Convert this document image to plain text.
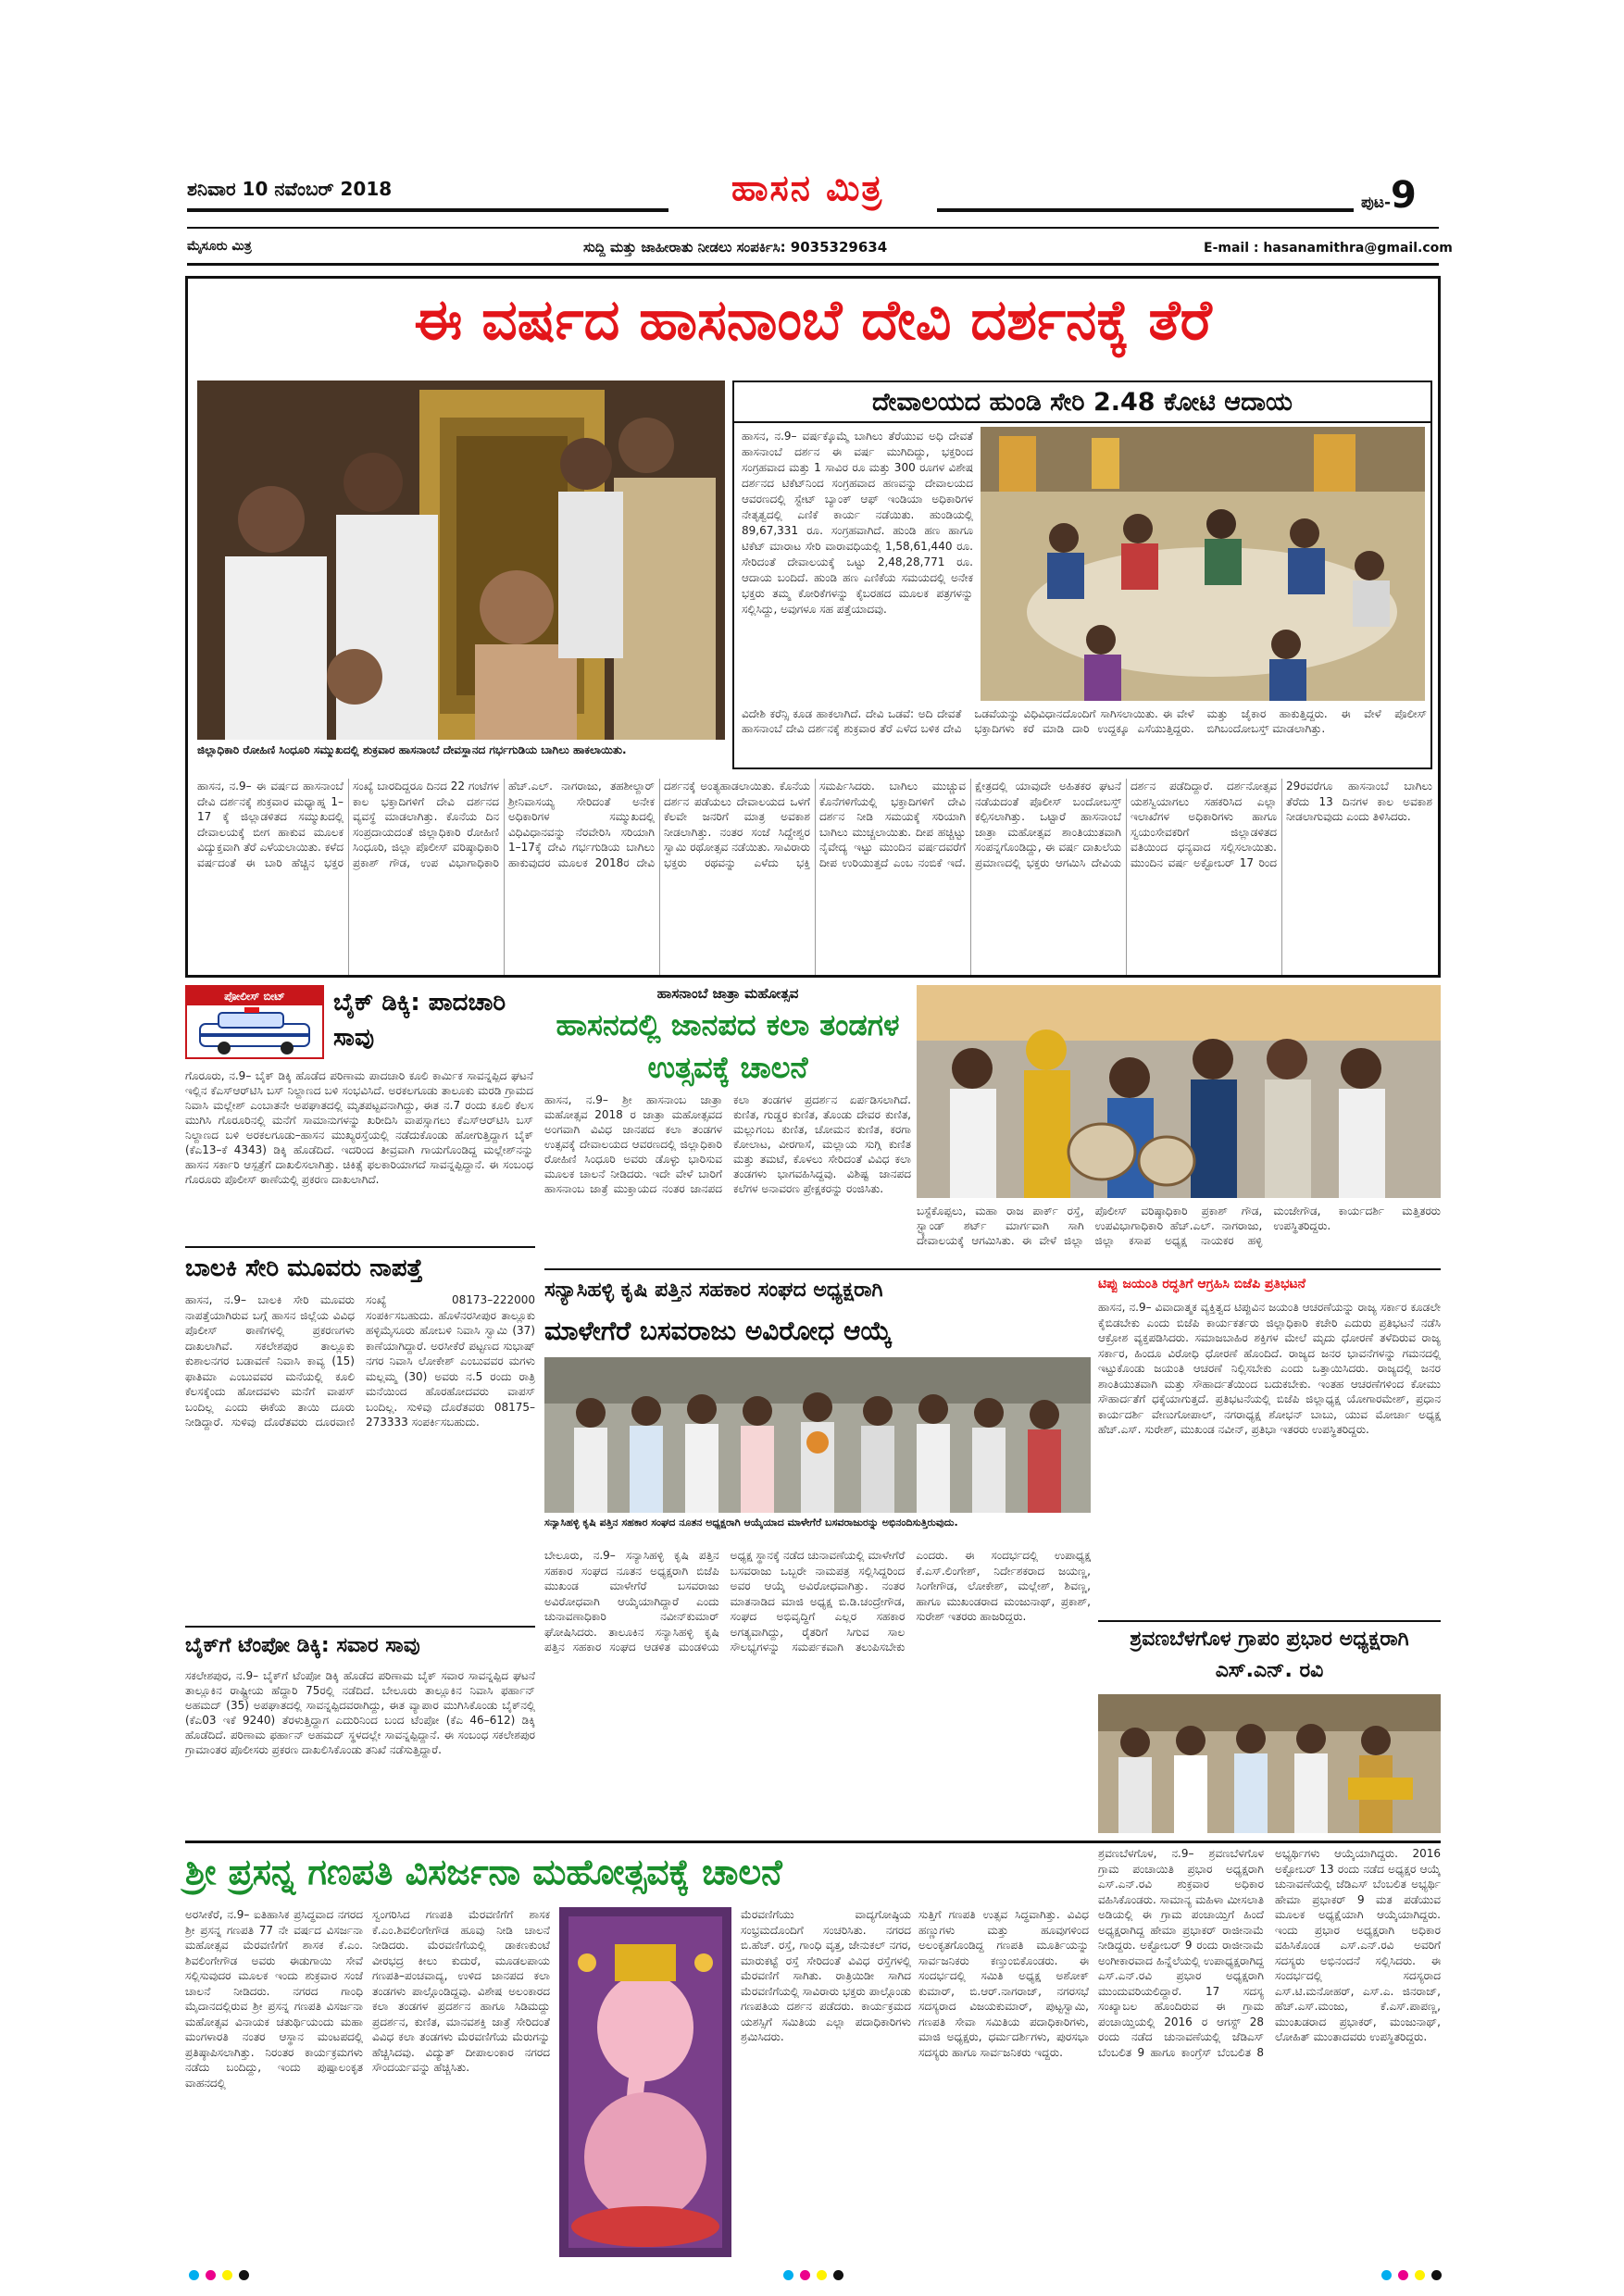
ಶನಿವಾರ 10 ನವೆಂಬರ್ 2018	ಹಾಸನ ಮಿತ್ರ	ಪುಟ-9
ಮೈಸೂರು ಮಿತ್ರ	ಸುದ್ದಿ ಮತ್ತು ಜಾಹೀರಾತು ನೀಡಲು ಸಂಪರ್ಕಿಸಿ: 9035329634	E-mail : hasanamithra@gmail.com
ಈ ವರ್ಷದ ಹಾಸನಾಂಬೆ ದೇವಿ ದರ್ಶನಕ್ಕೆ ತೆರೆ
ಜಿಲ್ಲಾಧಿಕಾರಿ ರೋಹಿಣಿ ಸಿಂಧೂರಿ ಸಮ್ಮುಖದಲ್ಲಿ ಶುಕ್ರವಾರ ಹಾಸನಾಂಬೆ ದೇವಸ್ಥಾನದ ಗರ್ಭಗುಡಿಯ ಬಾಗಿಲು ಹಾಕಲಾಯಿತು.
ದೇವಾಲಯದ ಹುಂಡಿ ಸೇರಿ 2.48 ಕೋಟಿ ಆದಾಯ
ಹಾಸನ, ನ.9– ವರ್ಷಕ್ಕೊಮ್ಮೆ ಬಾಗಿಲು ತೆರೆಯುವ ಅಧಿ ದೇವತೆ ಹಾಸನಾಂಬೆ ದರ್ಶನ ಈ ವರ್ಷ ಮುಗಿದಿದ್ದು, ಭಕ್ತರಿಂದ ಸಂಗ್ರಹವಾದ ಮತ್ತು 1 ಸಾವಿರ ರೂ ಮತ್ತು 300 ರೂಗಳ ವಿಶೇಷ ದರ್ಶನದ ಟಿಕೆಟ್‌ನಿಂದ ಸಂಗ್ರಹವಾದ ಹಣವನ್ನು ದೇವಾಲಯದ ಆವರಣದಲ್ಲಿ ಸ್ಟೇಟ್ ಬ್ಯಾಂಕ್ ಆಫ್ ಇಂಡಿಯಾ ಅಧಿಕಾರಿಗಳ ನೇತೃತ್ವದಲ್ಲಿ ಎಣಿಕೆ ಕಾರ್ಯ ನಡೆಯಿತು. ಹುಂಡಿಯಲ್ಲಿ 89,67,331 ರೂ. ಸಂಗ್ರಹವಾಗಿದೆ. ಹುಂಡಿ ಹಣ ಹಾಗೂ ಟಿಕೆಟ್ ಮಾರಾಟ ಸೇರಿ ವಾರಾವಧಿಯಲ್ಲಿ 1,58,61,440 ರೂ. ಸೇರಿದಂತೆ ದೇವಾಲಯಕ್ಕೆ ಒಟ್ಟು 2,48,28,771 ರೂ. ಆದಾಯ ಬಂದಿದೆ. ಹುಂಡಿ ಹಣ ಎಣಿಕೆಯ ಸಮಯದಲ್ಲಿ ಅನೇಕ ಭಕ್ತರು ತಮ್ಮ ಕೋರಿಕೆಗಳನ್ನು ಕೈಬರಹದ ಮೂಲಕ ಪತ್ರಗಳನ್ನು ಸಲ್ಲಿಸಿದ್ದು, ಅವುಗಳೂ ಸಹ ಪತ್ತೆಯಾದವು.
ವಿದೇಶಿ ಕರೆನ್ಸಿ ಕೂಡ ಹಾಕಲಾಗಿದೆ. ದೇವಿ ಒಡವೆ: ಅದಿ ದೇವತೆ ಹಾಸನಾಂಬೆ ದೇವಿ ದರ್ಶನಕ್ಕೆ ಶುಕ್ರವಾರ ತೆರೆ ಎಳೆದ ಬಳಿಕ ದೇವಿ ಒಡವೆಯನ್ನು ವಿಧಿವಿಧಾನದೊಂದಿಗೆ ಸಾಗಿಸಲಾಯಿತು. ಈ ವೇಳೆ ಭಕ್ತಾದಿಗಳು ಕರೆ ಮಾಡಿ ದಾರಿ ಉದ್ದಕ್ಕೂ ಎಸೆಯುತ್ತಿದ್ದರು. ಮತ್ತು ಜೈಕಾರ ಹಾಕುತ್ತಿದ್ದರು. ಈ ವೇಳೆ ಪೊಲೀಸ್ ಬಿಗಿಬಂದೋಬಸ್ತ್ ಮಾಡಲಾಗಿತ್ತು.
ಹಾಸನ, ನ.9– ಈ ವರ್ಷದ ಹಾಸನಾಂಬೆ ದೇವಿ ದರ್ಶನಕ್ಕೆ ಶುಕ್ರವಾರ ಮಧ್ಯಾಹ್ನ 1–17 ಕ್ಕೆ ಜಿಲ್ಲಾಡಳಿತದ ಸಮ್ಮುಖದಲ್ಲಿ ದೇವಾಲಯಕ್ಕೆ ಬೀಗ ಹಾಕುವ ಮೂಲಕ ವಿದ್ಯುಕ್ತವಾಗಿ ತೆರೆ ಎಳೆಯಲಾಯಿತು. ಕಳೆದ ವರ್ಷದಂತೆ ಈ ಬಾರಿ ಹೆಚ್ಚಿನ ಭಕ್ತರ ಸಂಖ್ಯೆ ಬಾರದಿದ್ದರೂ ದಿನದ 22 ಗಂಟೆಗಳ ಕಾಲ ಭಕ್ತಾದಿಗಳಿಗೆ ದೇವಿ ದರ್ಶನದ ವ್ಯವಸ್ಥೆ ಮಾಡಲಾಗಿತ್ತು. ಕೊನೆಯ ದಿನ ಸಂಪ್ರದಾಯದಂತೆ ಜಿಲ್ಲಾಧಿಕಾರಿ ರೋಹಿಣಿ ಸಿಂಧೂರಿ, ಜಿಲ್ಲಾ ಪೊಲೀಸ್ ವರಿಷ್ಠಾಧಿಕಾರಿ ಪ್ರಕಾಶ್ ಗೌಡ, ಉಪ ವಿಭಾಗಾಧಿಕಾರಿ ಹೆಚ್.ಎಲ್. ನಾಗರಾಜು, ತಹಶೀಲ್ದಾರ್ ಶ್ರೀನಿವಾಸಯ್ಯ ಸೇರಿದಂತೆ ಅನೇಕ ಅಧಿಕಾರಿಗಳ ಸಮ್ಮುಖದಲ್ಲಿ ವಿಧಿವಿಧಾನವನ್ನು ನೆರವೇರಿಸಿ ಸರಿಯಾಗಿ 1–17ಕ್ಕೆ ದೇವಿ ಗರ್ಭಗುಡಿಯ ಬಾಗಿಲು ಹಾಕುವುದರ ಮೂಲಕ 2018ರ ದೇವಿ ದರ್ಶನಕ್ಕೆ ಅಂತ್ಯಹಾಡಲಾಯಿತು. ಕೊನೆಯ ದರ್ಶನ ಪಡೆಯಲು ದೇವಾಲಯದ ಒಳಗೆ ಕೆಲವೇ ಜನರಿಗೆ ಮಾತ್ರ ಅವಕಾಶ ನೀಡಲಾಗಿತ್ತು. ನಂತರ ಸಂಜೆ ಸಿದ್ದೇಶ್ವರ ಸ್ವಾಮಿ ರಥೋತ್ಸವ ನಡೆಯಿತು. ಸಾವಿರಾರು ಭಕ್ತರು ರಥವನ್ನು ಎಳೆದು ಭಕ್ತಿ ಸಮರ್ಪಿಸಿದರು. ಬಾಗಿಲು ಮುಚ್ಚುವ ಕೊನೆಗಳಿಗೆಯಲ್ಲಿ ಭಕ್ತಾದಿಗಳಿಗೆ ದೇವಿ ದರ್ಶನ ನೀಡಿ ಸಮಯಕ್ಕೆ ಸರಿಯಾಗಿ ಬಾಗಿಲು ಮುಚ್ಚಲಾಯಿತು. ದೀಪ ಹಚ್ಚಿಟ್ಟು ನೈವೇದ್ಯ ಇಟ್ಟು ಮುಂದಿನ ವರ್ಷದವರೆಗೆ ದೀಪ ಉರಿಯುತ್ತದೆ ಎಂಬ ನಂಬಿಕೆ ಇದೆ. ಕ್ಷೇತ್ರದಲ್ಲಿ ಯಾವುದೇ ಅಹಿತಕರ ಘಟನೆ ನಡೆಯದಂತೆ ಪೊಲೀಸ್ ಬಂದೋಬಸ್ತ್ ಕಲ್ಪಿಸಲಾಗಿತ್ತು. ಒಟ್ಟಾರೆ ಹಾಸನಾಂಬೆ ಜಾತ್ರಾ ಮಹೋತ್ಸವ ಶಾಂತಿಯುತವಾಗಿ ಸಂಪನ್ನಗೊಂಡಿದ್ದು, ಈ ವರ್ಷ ದಾಖಲೆಯ ಪ್ರಮಾಣದಲ್ಲಿ ಭಕ್ತರು ಆಗಮಿಸಿ ದೇವಿಯ ದರ್ಶನ ಪಡೆದಿದ್ದಾರೆ. ದರ್ಶನೋತ್ಸವ ಯಶಸ್ವಿಯಾಗಲು ಸಹಕರಿಸಿದ ಎಲ್ಲಾ ಇಲಾಖೆಗಳ ಅಧಿಕಾರಿಗಳು ಹಾಗೂ ಸ್ವಯಂಸೇವಕರಿಗೆ ಜಿಲ್ಲಾಡಳಿತದ ವತಿಯಿಂದ ಧನ್ಯವಾದ ಸಲ್ಲಿಸಲಾಯಿತು. ಮುಂದಿನ ವರ್ಷ ಅಕ್ಟೋಬರ್ 17 ರಿಂದ 29ರವರೆಗೂ ಹಾಸನಾಂಬೆ ಬಾಗಿಲು ತೆರೆದು 13 ದಿನಗಳ ಕಾಲ ಅವಕಾಶ ನೀಡಲಾಗುವುದು ಎಂದು ತಿಳಿಸಿದರು.
ಪೋಲೀಸ್ ಬೀಟ್	ಬೈಕ್ ಡಿಕ್ಕಿ: ಪಾದಚಾರಿ ಸಾವು
ಗೊರೂರು, ನ.9– ಬೈಕ್ ಡಿಕ್ಕಿ ಹೊಡೆದ ಪರಿಣಾಮ ಪಾದಚಾರಿ ಕೂಲಿ ಕಾರ್ಮಿಕ ಸಾವನ್ನಪ್ಪಿದ ಘಟನೆ ಇಲ್ಲಿನ ಕೆಎಸ್‌ಆರ್‌ಟಿಸಿ ಬಸ್ ನಿಲ್ದಾಣದ ಬಳಿ ಸಂಭವಿಸಿದೆ. ಅರಕಲಗೂಡು ತಾಲೂಕು ಮರಡಿ ಗ್ರಾಮದ ನಿವಾಸಿ ಮಲ್ಲೇಶ್ ಎಂಬಾತನೇ ಅಪಘಾತದಲ್ಲಿ ಮೃತಪಟ್ಟವನಾಗಿದ್ದು, ಈತ ನ.7 ರಂದು ಕೂಲಿ ಕೆಲಸ ಮುಗಿಸಿ ಗೊರೂರಿನಲ್ಲಿ ಮನೆಗೆ ಸಾಮಾನುಗಳನ್ನು ಖರೀದಿಸಿ ವಾಪಸ್ಸಾಗಲು ಕೆಎಸ್‌ಆರ್‌ಟಿಸಿ ಬಸ್ ನಿಲ್ದಾಣದ ಬಳಿ ಅರಕಲಗೂಡು–ಹಾಸನ ಮುಖ್ಯರಸ್ತೆಯಲ್ಲಿ ನಡೆದುಕೊಂಡು ಹೋಗುತ್ತಿದ್ದಾಗ ಬೈಕ್ (ಕೆಎ13–ಕೆ 4343) ಡಿಕ್ಕಿ ಹೊಡೆದಿದೆ. ಇದರಿಂದ ತೀವ್ರವಾಗಿ ಗಾಯಗೊಂಡಿದ್ದ ಮಲ್ಲೇಶ್‌ನನ್ನು ಹಾಸನ ಸರ್ಕಾರಿ ಆಸ್ಪತ್ರೆಗೆ ದಾಖಲಿಸಲಾಗಿತ್ತು. ಚಿಕಿತ್ಸೆ ಫಲಕಾರಿಯಾಗದೆ ಸಾವನ್ನಪ್ಪಿದ್ದಾನೆ. ಈ ಸಂಬಂಧ ಗೊರೂರು ಪೊಲೀಸ್ ಠಾಣೆಯಲ್ಲಿ ಪ್ರಕರಣ ದಾಖಲಾಗಿದೆ.
ಬಾಲಕಿ ಸೇರಿ ಮೂವರು ನಾಪತ್ತೆ
ಹಾಸನ, ನ.9– ಬಾಲಕಿ ಸೇರಿ ಮೂವರು ನಾಪತ್ತೆಯಾಗಿರುವ ಬಗ್ಗೆ ಹಾಸನ ಜಿಲ್ಲೆಯ ವಿವಿಧ ಪೊಲೀಸ್ ಠಾಣೆಗಳಲ್ಲಿ ಪ್ರಕರಣಗಳು ದಾಖಲಾಗಿವೆ. ಸಕಲೇಶಪುರ ತಾಲ್ಲೂಕು ಕುಶಾಲನಗರ ಬಡಾವಣೆ ನಿವಾಸಿ ಕಾವ್ಯ (15) ಫಾತಿಮಾ ಎಂಬುವವರ ಮನೆಯಲ್ಲಿ ಕೂಲಿ ಕೆಲಸಕ್ಕೆಂದು ಹೋದವಳು ಮನೆಗೆ ವಾಪಸ್ ಬಂದಿಲ್ಲ ಎಂದು ಈಕೆಯ ತಾಯಿ ದೂರು ನೀಡಿದ್ದಾರೆ. ಸುಳಿವು ದೊರೆತವರು ದೂರವಾಣಿ ಸಂಖ್ಯೆ 08173–222000 ಸಂಪರ್ಕಿಸಬಹುದು. ಹೊಳೆನರಸೀಪುರ ತಾಲ್ಲೂಕು ಹಳ್ಳಿಮೈಸೂರು ಹೋಬಳಿ ನಿವಾಸಿ ಸ್ವಾಮಿ (37) ಕಾಣೆಯಾಗಿದ್ದಾರೆ. ಅರಸೀಕೆರೆ ಪಟ್ಟಣದ ಸುಭಾಷ್ ನಗರ ನಿವಾಸಿ ಲೋಕೇಶ್ ಎಂಬುವವರ ಮಗಳು ಮಲ್ಲಮ್ಮ (30) ಅವರು ನ.5 ರಂದು ರಾತ್ರಿ ಮನೆಯಿಂದ ಹೊರಹೋದವರು ವಾಪಸ್ ಬಂದಿಲ್ಲ. ಸುಳಿವು ದೊರೆತವರು 08175–273333 ಸಂಪರ್ಕಿಸಬಹುದು.
ಬೈಕ್‌ಗೆ ಟೆಂಪೋ ಡಿಕ್ಕಿ: ಸವಾರ ಸಾವು
ಸಕಲೇಶಪುರ, ನ.9– ಬೈಕ್‌ಗೆ ಟೆಂಪೋ ಡಿಕ್ಕಿ ಹೊಡೆದ ಪರಿಣಾಮ ಬೈಕ್ ಸವಾರ ಸಾವನ್ನಪ್ಪಿದ ಘಟನೆ ತಾಲ್ಲೂಕಿನ ರಾಷ್ಟ್ರೀಯ ಹೆದ್ದಾರಿ 75ರಲ್ಲಿ ನಡೆದಿದೆ. ಬೇಲೂರು ತಾಲ್ಲೂಕಿನ ನಿವಾಸಿ ಫರ್ಹಾನ್ ಅಹಮದ್ (35) ಅಪಘಾತದಲ್ಲಿ ಸಾವನ್ನಪ್ಪಿದವರಾಗಿದ್ದು, ಈತ ವ್ಯಾಪಾರ ಮುಗಿಸಿಕೊಂಡು ಬೈಕ್‌ನಲ್ಲಿ (ಕೆಎ03 ಇಕೆ 9240) ತೆರಳುತ್ತಿದ್ದಾಗ ಎದುರಿನಿಂದ ಬಂದ ಟೆಂಪೋ (ಕೆಎ 46–612) ಡಿಕ್ಕಿ ಹೊಡೆದಿದೆ. ಪರಿಣಾಮ ಫರ್ಹಾನ್ ಅಹಮದ್ ಸ್ಥಳದಲ್ಲೇ ಸಾವನ್ನಪ್ಪಿದ್ದಾನೆ. ಈ ಸಂಬಂಧ ಸಕಲೇಶಪುರ ಗ್ರಾಮಾಂತರ ಪೊಲೀಸರು ಪ್ರಕರಣ ದಾಖಲಿಸಿಕೊಂಡು ತನಿಖೆ ನಡೆಸುತ್ತಿದ್ದಾರೆ.
ಹಾಸನಾಂಬೆ ಜಾತ್ರಾ ಮಹೋತ್ಸವ
ಹಾಸನದಲ್ಲಿ ಜಾನಪದ ಕಲಾ ತಂಡಗಳ ಉತ್ಸವಕ್ಕೆ ಚಾಲನೆ
ಹಾಸನ, ನ.9– ಶ್ರೀ ಹಾಸನಾಂಬ ಜಾತ್ರಾ ಮಹೋತ್ಸವ 2018 ರ ಜಾತ್ರಾ ಮಹೋತ್ಸವದ ಅಂಗವಾಗಿ ವಿವಿಧ ಜಾನಪದ ಕಲಾ ತಂಡಗಳ ಉತ್ಸವಕ್ಕೆ ದೇವಾಲಯದ ಆವರಣದಲ್ಲಿ ಜಿಲ್ಲಾಧಿಕಾರಿ ರೋಹಿಣಿ ಸಿಂಧೂರಿ ಅವರು ಡೊಳ್ಳು ಭಾರಿಸುವ ಮೂಲಕ ಚಾಲನೆ ನೀಡಿದರು. ಇದೇ ವೇಳೆ ಬಾರಿಗೆ ಹಾಸನಾಂಬ ಜಾತ್ರೆ ಮುಕ್ತಾಯದ ನಂತರ ಜಾನಪದ ಕಲಾ ತಂಡಗಳ ಪ್ರದರ್ಶನ ಏರ್ಪಡಿಸಲಾಗಿದೆ. ಕುಣಿತ, ಗುಡ್ಡರ ಕುಣಿತ, ತೊಂಡು ದೇವರ ಕುಣಿತ, ಮಲ್ಲುಗಂಬ ಕುಣಿತ, ಚೋಮನ ಕುಣಿತ, ಕರಗಾ ಕೋಲಾಟ, ವೀರಗಾಸೆ, ಮಲ್ಲಾಯ ಸುಗ್ಗಿ ಕುಣಿತ ಮತ್ತು ತಮಟೆ, ಕೊಳಲು ಸೇರಿದಂತೆ ವಿವಿಧ ಕಲಾ ತಂಡಗಳು ಭಾಗವಹಿಸಿದ್ದವು. ವಿಶಿಷ್ಟ ಜಾನಪದ ಕಲೆಗಳ ಅನಾವರಣ ಪ್ರೇಕ್ಷಕರನ್ನು ರಂಜಿಸಿತು.
ಬಸ್ಟೆಕೊಪ್ಪಲು, ಮಹಾ ರಾಜ ಪಾರ್ಕ್ ರಸ್ತೆ, ಸ್ಟ್ಯಾಂಡ್ ಶರ್ಟ್ ಮಾರ್ಗವಾಗಿ ಸಾಗಿ ದೇವಾಲಯಕ್ಕೆ ಆಗಮಿಸಿತು. ಈ ವೇಳೆ ಜಿಲ್ಲಾ ಪೊಲೀಸ್ ವರಿಷ್ಠಾಧಿಕಾರಿ ಪ್ರಕಾಶ್ ಗೌಡ, ಉಪವಿಭಾಗಾಧಿಕಾರಿ ಹೆಚ್.ಎಲ್. ನಾಗರಾಜು, ಜಿಲ್ಲಾ ಕಸಾಪ ಅಧ್ಯಕ್ಷ ನಾಯಕರ ಹಳ್ಳಿ ಮಂಜೇಗೌಡ, ಕಾರ್ಯದರ್ಶಿ ಮತ್ತಿತರರು ಉಪಸ್ಥಿತರಿದ್ದರು.
ಸನ್ಯಾಸಿಹಳ್ಳಿ ಕೃಷಿ ಪತ್ತಿನ ಸಹಕಾರ ಸಂಘದ ಅಧ್ಯಕ್ಷರಾಗಿ
ಮಾಳೇಗೆರೆ ಬಸವರಾಜು ಅವಿರೋಧ ಆಯ್ಕೆ
ಸನ್ಯಾಸಿಹಳ್ಳಿ ಕೃಷಿ ಪತ್ತಿನ ಸಹಕಾರ ಸಂಘದ ನೂತನ ಅಧ್ಯಕ್ಷರಾಗಿ ಆಯ್ಕೆಯಾದ ಮಾಳೇಗೆರೆ ಬಸವರಾಜುರನ್ನು ಅಭಿನಂದಿಸುತ್ತಿರುವುದು.
ಬೇಲೂರು, ನ.9– ಸನ್ಯಾಸಿಹಳ್ಳಿ ಕೃಷಿ ಪತ್ತಿನ ಸಹಕಾರ ಸಂಘದ ನೂತನ ಅಧ್ಯಕ್ಷರಾಗಿ ಬಿಜೆಪಿ ಮುಖಂಡ ಮಾಳೇಗೆರೆ ಬಸವರಾಜು ಅವಿರೋಧವಾಗಿ ಆಯ್ಕೆಯಾಗಿದ್ದಾರೆ ಎಂದು ಚುನಾವಣಾಧಿಕಾರಿ ನವೀನ್‌ಕುಮಾರ್ ಘೋಷಿಸಿದರು. ತಾಲೂಕಿನ ಸನ್ಯಾಸಿಹಳ್ಳಿ ಕೃಷಿ ಪತ್ತಿನ ಸಹಕಾರ ಸಂಘದ ಆಡಳಿತ ಮಂಡಳಿಯ ಅಧ್ಯಕ್ಷ ಸ್ಥಾನಕ್ಕೆ ನಡೆದ ಚುನಾವಣೆಯಲ್ಲಿ ಮಾಳೇಗೆರೆ ಬಸವರಾಜು ಒಬ್ಬರೇ ನಾಮಪತ್ರ ಸಲ್ಲಿಸಿದ್ದರಿಂದ ಅವರ ಆಯ್ಕೆ ಅವಿರೋಧವಾಗಿತ್ತು. ನಂತರ ಮಾತನಾಡಿದ ಮಾಜಿ ಅಧ್ಯಕ್ಷ ಬಿ.ಡಿ.ಚಂದ್ರೇಗೌಡ, ಸಂಘದ ಅಭಿವೃದ್ಧಿಗೆ ಎಲ್ಲರ ಸಹಕಾರ ಅಗತ್ಯವಾಗಿದ್ದು, ರೈತರಿಗೆ ಸಿಗುವ ಸಾಲ ಸೌಲಭ್ಯಗಳನ್ನು ಸಮರ್ಪಕವಾಗಿ ತಲುಪಿಸಬೇಕು ಎಂದರು. ಈ ಸಂದರ್ಭದಲ್ಲಿ ಉಪಾಧ್ಯಕ್ಷ ಕೆ.ಎಸ್.ಲಿಂಗೇಶ್, ನಿರ್ದೇಶಕರಾದ ಜಯಣ್ಣ, ಸಿಂಗೇಗೌಡ, ಲೋಕೇಶ್, ಮಲ್ಲೇಶ್, ಶಿವಣ್ಣ, ಹಾಗೂ ಮುಖಂಡರಾದ ಮಂಜುನಾಥ್, ಪ್ರಕಾಶ್, ಸುರೇಶ್ ಇತರರು ಹಾಜರಿದ್ದರು.
ಟಿಪ್ಪು ಜಯಂತಿ ರದ್ಧತಿಗೆ ಆಗ್ರಹಿಸಿ ಬಿಜೆಪಿ ಪ್ರತಿಭಟನೆ
ಹಾಸನ, ನ.9– ವಿವಾದಾತ್ಮಕ ವ್ಯಕ್ತಿತ್ವದ ಟಿಪ್ಪುವಿನ ಜಯಂತಿ ಆಚರಣೆಯನ್ನು ರಾಜ್ಯ ಸರ್ಕಾರ ಕೂಡಲೇ ಕೈಬಿಡಬೇಕು ಎಂದು ಬಿಜೆಪಿ ಕಾರ್ಯಕರ್ತರು ಜಿಲ್ಲಾಧಿಕಾರಿ ಕಚೇರಿ ಎದುರು ಪ್ರತಿಭಟನೆ ನಡೆಸಿ ಆಕ್ರೋಶ ವ್ಯಕ್ತಪಡಿಸಿದರು. ಸಮಾಜಬಾಹಿರ ಶಕ್ತಿಗಳ ಮೇಲೆ ಮೃದು ಧೋರಣೆ ತಳೆದಿರುವ ರಾಜ್ಯ ಸರ್ಕಾರ, ಹಿಂದೂ ವಿರೋಧಿ ಧೋರಣೆ ಹೊಂದಿದೆ. ರಾಜ್ಯದ ಜನರ ಭಾವನೆಗಳನ್ನು ಗಮನದಲ್ಲಿ ಇಟ್ಟುಕೊಂಡು ಜಯಂತಿ ಆಚರಣೆ ನಿಲ್ಲಿಸಬೇಕು ಎಂದು ಒತ್ತಾಯಿಸಿದರು. ರಾಜ್ಯದಲ್ಲಿ ಜನರ ಶಾಂತಿಯುತವಾಗಿ ಮತ್ತು ಸೌಹಾರ್ದತೆಯಿಂದ ಬದುಕಬೇಕು. ಇಂತಹ ಆಚರಣೆಗಳಿಂದ ಕೋಮು ಸೌಹಾರ್ದತೆಗೆ ಧಕ್ಕೆಯಾಗುತ್ತದೆ. ಪ್ರತಿಭಟನೆಯಲ್ಲಿ ಬಿಜೆಪಿ ಜಿಲ್ಲಾಧ್ಯಕ್ಷ ಯೋಗಾರಮೇಶ್, ಪ್ರಧಾನ ಕಾರ್ಯದರ್ಶಿ ವೇಣುಗೋಪಾಲ್, ನಗರಾಧ್ಯಕ್ಷ ಶೋಭನ್ ಬಾಬು, ಯುವ ಮೋರ್ಚಾ ಅಧ್ಯಕ್ಷ ಹೆಚ್.ಎಸ್. ಸುರೇಶ್, ಮುಖಂಡ ನವೀನ್, ಪ್ರತಿಭಾ ಇತರರು ಉಪಸ್ಥಿತರಿದ್ದರು.
ಶ್ರವಣಬೆಳಗೊಳ ಗ್ರಾಪಂ ಪ್ರಭಾರ ಅಧ್ಯಕ್ಷರಾಗಿ ಎಸ್.ಎನ್. ರವಿ
ಶ್ರೀ ಪ್ರಸನ್ನ ಗಣಪತಿ ವಿಸರ್ಜನಾ ಮಹೋತ್ಸವಕ್ಕೆ ಚಾಲನೆ
ಅರಸೀಕೆರೆ, ನ.9– ಐತಿಹಾಸಿಕ ಪ್ರಸಿದ್ಧವಾದ ನಗರದ ಶ್ರೀ ಪ್ರಸನ್ನ ಗಣಪತಿ 77 ನೇ ವರ್ಷದ ವಿಸರ್ಜನಾ ಮಹೋತ್ಸವ ಮೆರವಣಿಗೆಗೆ ಶಾಸಕ ಕೆ.ಎಂ. ಶಿವಲಿಂಗೇಗೌಡ ಅವರು ಈಡುಗಾಯಿ ಸೇವೆ ಸಲ್ಲಿಸುವುದರ ಮೂಲಕ ಇಂದು ಶುಕ್ರವಾರ ಸಂಜೆ ಚಾಲನೆ ನೀಡಿದರು. ನಗರದ ಗಾಂಧಿ ಮೈದಾನದಲ್ಲಿರುವ ಶ್ರೀ ಪ್ರಸನ್ನ ಗಣಪತಿ ವಿಸರ್ಜನಾ ಮಹೋತ್ಸವ ವಿನಾಯಕ ಚತುರ್ಥಿಯಂದು ಮಹಾ ಮಂಗಳಾರತಿ ನಂತರ ಆಸ್ಥಾನ ಮಂಟಪದಲ್ಲಿ ಪ್ರತಿಷ್ಠಾಪಿಸಲಾಗಿತ್ತು. ನಿರಂತರ ಕಾರ್ಯಕ್ರಮಗಳು ನಡೆದು ಬಂದಿದ್ದು, ಇಂದು ಪುಷ್ಪಾಲಂಕೃತ ವಾಹನದಲ್ಲಿ
ಸ್ವಂಗರಿಸಿದ ಗಣಪತಿ ಮೆರವಣಿಗೆಗೆ ಶಾಸಕ ಕೆ.ಎಂ.ಶಿವಲಿಂಗೇಗೌಡ ಹೂವು ನೀಡಿ ಚಾಲನೆ ನೀಡಿದರು. ಮೆರವಣಿಗೆಯಲ್ಲಿ ಡಾಕಣಕುಂಟೆ ವೀರಭದ್ರ ಕೀಲು ಕುದುರೆ, ಮೂಡಲಪಾಯ ಗಣಪತಿ–ಪಂಚವಾದ್ಯ, ಉಳಿದ ಜಾನಪದ ಕಲಾ ತಂಡಗಳು ಪಾಲ್ಗೊಂಡಿದ್ದವು. ವಿಶೇಷ ಅಲಂಕಾರದ ಕಲಾ ತಂಡಗಳ ಪ್ರದರ್ಶನ ಹಾಗೂ ಸಿಡಿಮದ್ದು ಪ್ರದರ್ಶನ, ಕುಣಿತ, ಮಾನವಶಕ್ತಿ ಜಾತ್ರೆ ಸೇರಿದಂತೆ ವಿವಿಧ ಕಲಾ ತಂಡಗಳು ಮೆರವಣಿಗೆಯ ಮೆರುಗನ್ನು ಹೆಚ್ಚಿಸಿದವು. ವಿದ್ಯುತ್ ದೀಪಾಲಂಕಾರ ನಗರದ ಸೌಂದರ್ಯವನ್ನು ಹೆಚ್ಚಿಸಿತು.
ಮೆರವಣಿಗೆಯು ವಾದ್ಯಗೋಷ್ಠಿಯ ಸಂಭ್ರಮದೊಂದಿಗೆ ಸಂಚರಿಸಿತು. ನಗರದ ಬಿ.ಹೆಚ್. ರಸ್ತೆ, ಗಾಂಧಿ ವೃತ್ತ, ಜೇನುಕಲ್ ನಗರ, ಮಾರುಕಟ್ಟೆ ರಸ್ತೆ ಸೇರಿದಂತೆ ವಿವಿಧ ರಸ್ತೆಗಳಲ್ಲಿ ಮೆರವಣಿಗೆ ಸಾಗಿತು. ರಾತ್ರಿಯಿಡೀ ಸಾಗಿದ ಮೆರವಣಿಗೆಯಲ್ಲಿ ಸಾವಿರಾರು ಭಕ್ತರು ಪಾಲ್ಗೊಂಡು ಗಣಪತಿಯ ದರ್ಶನ ಪಡೆದರು. ಕಾರ್ಯಕ್ರಮದ ಯಶಸ್ಸಿಗೆ ಸಮಿತಿಯ ಎಲ್ಲಾ ಪದಾಧಿಕಾರಿಗಳು ಶ್ರಮಿಸಿದರು.
ಸುತ್ತಿಗೆ ಗಣಪತಿ ಉತ್ಸವ ಸಿದ್ಧವಾಗಿತ್ತು. ವಿವಿಧ ಹಣ್ಣುಗಳು ಮತ್ತು ಹೂವುಗಳಿಂದ ಅಲಂಕೃತಗೊಂಡಿದ್ದ ಗಣಪತಿ ಮೂರ್ತಿಯನ್ನು ಸಾರ್ವಜನಿಕರು ಕಣ್ತುಂಬಿಕೊಂಡರು. ಈ ಸಂದರ್ಭದಲ್ಲಿ ಸಮಿತಿ ಅಧ್ಯಕ್ಷ ಅಶೋಕ್ ಕುಮಾರ್, ಬಿ.ಆರ್.ನಾಗರಾಜ್, ನಗರಸಭೆ ಸದಸ್ಯರಾದ ವಿಜಯಕುಮಾರ್, ಪುಟ್ಟಸ್ವಾಮಿ, ಗಣಪತಿ ಸೇವಾ ಸಮಿತಿಯ ಪದಾಧಿಕಾರಿಗಳು, ಮಾಜಿ ಅಧ್ಯಕ್ಷರು, ಧರ್ಮದರ್ಶಿಗಳು, ಪುರಸಭಾ ಸದಸ್ಯರು ಹಾಗೂ ಸಾರ್ವಜನಿಕರು ಇದ್ದರು.
ಶ್ರವಣಬೆಳಗೊಳ, ನ.9– ಶ್ರವಣಬೆಳಗೊಳ ಗ್ರಾಮ ಪಂಚಾಯಿತಿ ಪ್ರಭಾರ ಅಧ್ಯಕ್ಷರಾಗಿ ಎಸ್.ಎನ್.ರವಿ ಶುಕ್ರವಾರ ಅಧಿಕಾರ ವಹಿಸಿಕೊಂಡರು. ಸಾಮಾನ್ಯ ಮಹಿಳಾ ಮೀಸಲಾತಿ ಅಡಿಯಲ್ಲಿ ಈ ಗ್ರಾಮ ಪಂಚಾಯ್ತಿಗೆ ಹಿಂದೆ ಅಧ್ಯಕ್ಷರಾಗಿದ್ದ ಹೇಮಾ ಪ್ರಭಾಕರ್ ರಾಜೀನಾಮೆ ನೀಡಿದ್ದರು. ಅಕ್ಟೋಬರ್ 9 ರಂದು ರಾಜೀನಾಮೆ ಅಂಗೀಕಾರವಾದ ಹಿನ್ನೆಲೆಯಲ್ಲಿ ಉಪಾಧ್ಯಕ್ಷರಾಗಿದ್ದ ಎಸ್.ಎನ್.ರವಿ ಪ್ರಭಾರ ಅಧ್ಯಕ್ಷರಾಗಿ ಮುಂದುವರಿಯಲಿದ್ದಾರೆ. 17 ಸದಸ್ಯ ಸಂಖ್ಯಾಬಲ ಹೊಂದಿರುವ ಈ ಗ್ರಾಮ ಪಂಚಾಯ್ತಿಯಲ್ಲಿ 2016 ರ ಆಗಸ್ಟ್ 28 ರಂದು ನಡೆದ ಚುನಾವಣೆಯಲ್ಲಿ ಜೆಡಿಎಸ್ ಬೆಂಬಲಿತ 9 ಹಾಗೂ ಕಾಂಗ್ರೆಸ್ ಬೆಂಬಲಿತ 8 ಅಭ್ಯರ್ಥಿಗಳು ಆಯ್ಕೆಯಾಗಿದ್ದರು. 2016 ಅಕ್ಟೋಬರ್ 13 ರಂದು ನಡೆದ ಅಧ್ಯಕ್ಷರ ಆಯ್ಕೆ ಚುನಾವಣೆಯಲ್ಲಿ ಜೆಡಿಎಸ್ ಬೆಂಬಲಿತ ಅಭ್ಯರ್ಥಿ ಹೇಮಾ ಪ್ರಭಾಕರ್ 9 ಮತ ಪಡೆಯುವ ಮೂಲಕ ಅಧ್ಯಕ್ಷೆಯಾಗಿ ಆಯ್ಕೆಯಾಗಿದ್ದರು. ಇಂದು ಪ್ರಭಾರ ಅಧ್ಯಕ್ಷರಾಗಿ ಅಧಿಕಾರ ವಹಿಸಿಕೊಂಡ ಎಸ್.ಎನ್.ರವಿ ಅವರಿಗೆ ಸದಸ್ಯರು ಅಭಿನಂದನೆ ಸಲ್ಲಿಸಿದರು. ಈ ಸಂದರ್ಭದಲ್ಲಿ ಸದಸ್ಯರಾದ ಎಸ್.ಟಿ.ಮನೋಹರ್, ಎಸ್.ಎ. ಜಿನರಾಜ್, ಹೆಚ್.ಎಸ್.ಮಂಜು, ಕೆ.ಎಸ್.ಪಾಪಣ್ಣ, ಮುಂಖಡರಾದ ಪ್ರಭಾಕರ್, ಮಂಜುನಾಥ್, ಲೋಹಿತ್ ಮುಂತಾದವರು ಉಪಸ್ಥಿತರಿದ್ದರು.
